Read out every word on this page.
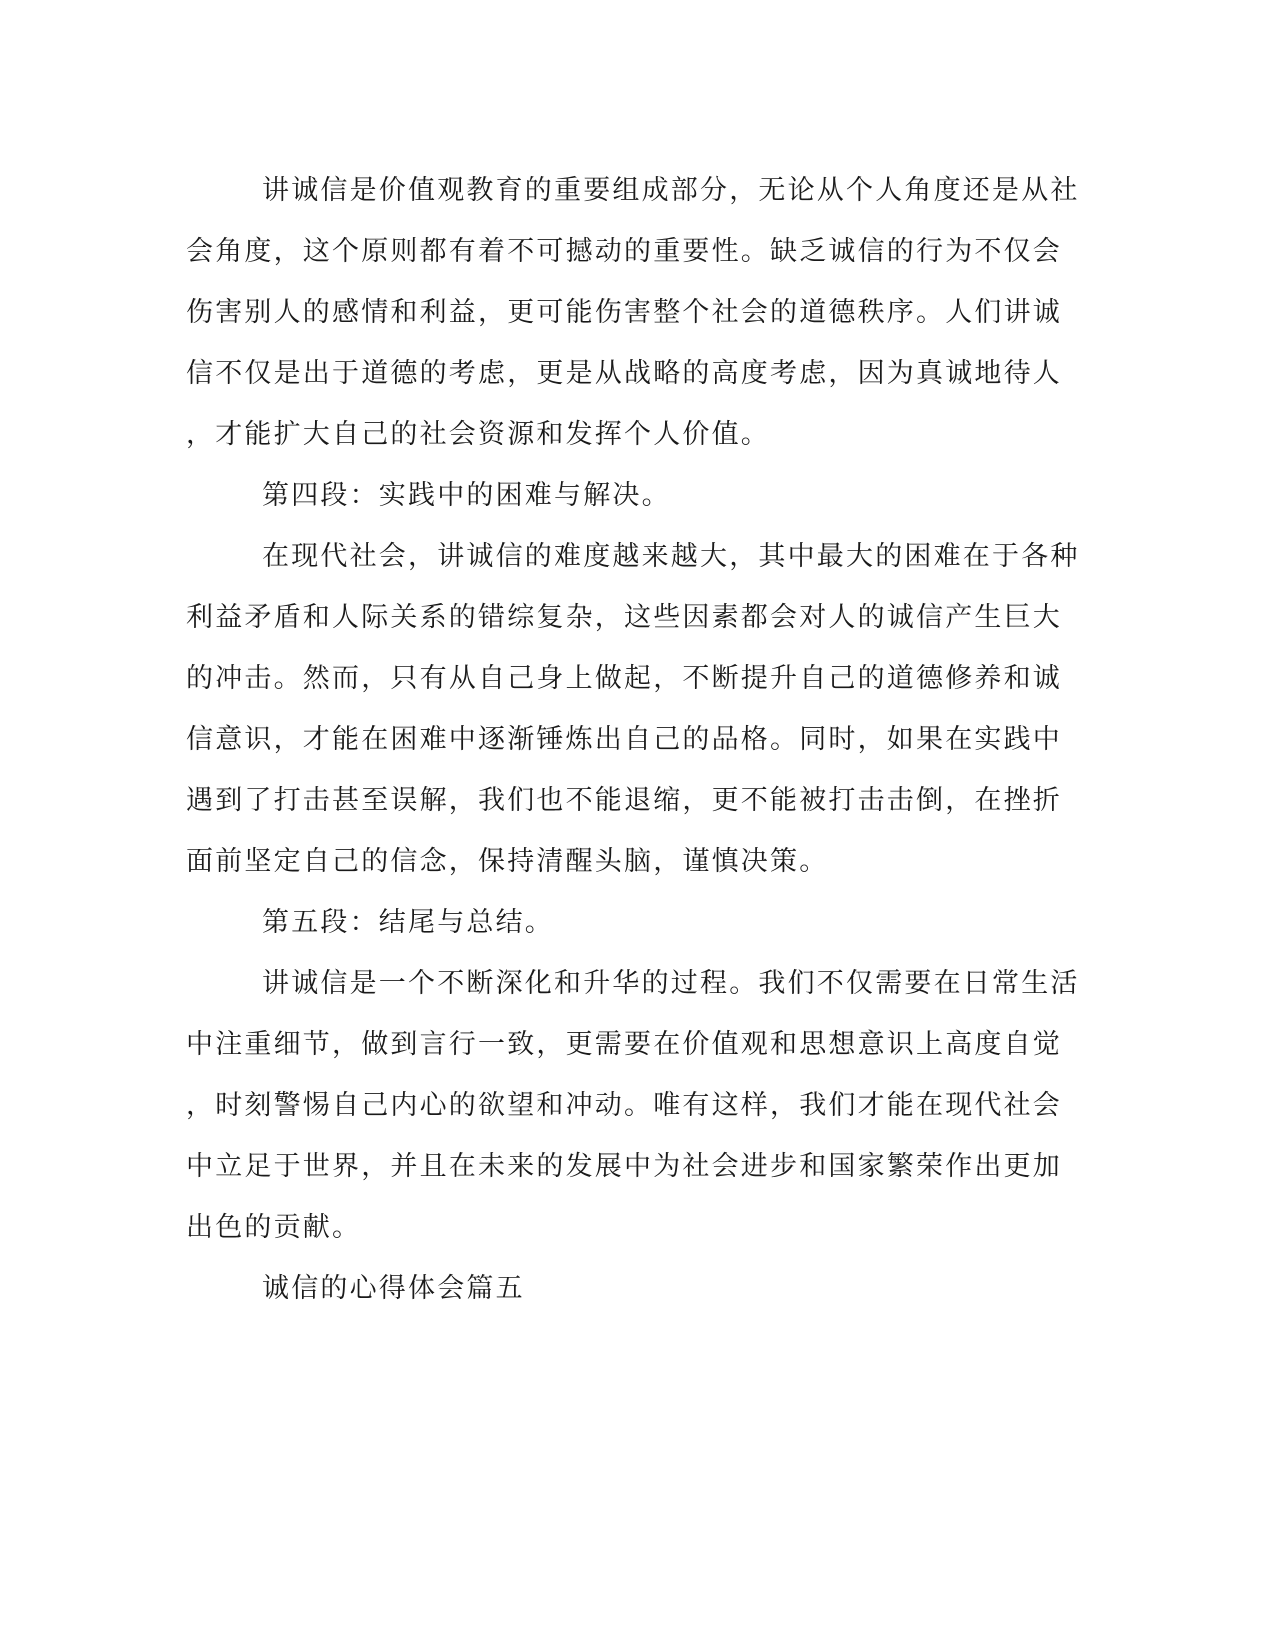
讲诚信是价值观教育的重要组成部分，无论从个人角度还是从社
会角度，这个原则都有着不可撼动的重要性。缺乏诚信的行为不仅会
伤害别人的感情和利益，更可能伤害整个社会的道德秩序。人们讲诚
信不仅是出于道德的考虑，更是从战略的高度考虑，因为真诚地待人
，才能扩大自己的社会资源和发挥个人价值。
第四段：实践中的困难与解决。
在现代社会，讲诚信的难度越来越大，其中最大的困难在于各种
利益矛盾和人际关系的错综复杂，这些因素都会对人的诚信产生巨大
的冲击。然而，只有从自己身上做起，不断提升自己的道德修养和诚
信意识，才能在困难中逐渐锤炼出自己的品格。同时，如果在实践中
遇到了打击甚至误解，我们也不能退缩，更不能被打击击倒，在挫折
面前坚定自己的信念，保持清醒头脑，谨慎决策。
第五段：结尾与总结。
讲诚信是一个不断深化和升华的过程。我们不仅需要在日常生活
中注重细节，做到言行一致，更需要在价值观和思想意识上高度自觉
，时刻警惕自己内心的欲望和冲动。唯有这样，我们才能在现代社会
中立足于世界，并且在未来的发展中为社会进步和国家繁荣作出更加
出色的贡献。
诚信的心得体会篇五
